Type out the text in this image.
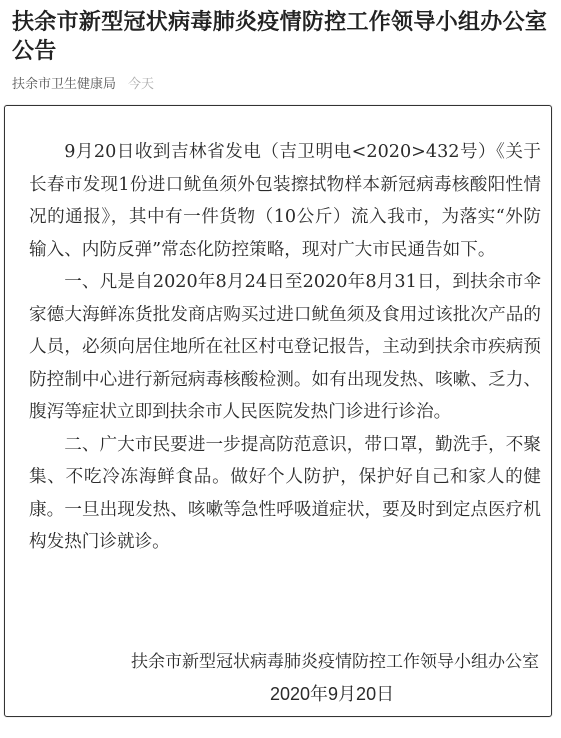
扶余市新型冠状病毒肺炎疫情防控工作领导小组办公室公告
扶余市卫生健康局 今天

9月20日收到吉林省发电（吉卫明电<2020>432号）《关于长春市发现1份进口鱿鱼须外包装擦拭物样本新冠病毒核酸阳性情况的通报》，其中有一件货物（10公斤）流入我市，为落实“外防输入、内防反弹”常态化防控策略，现对广大市民通告如下。

一、凡是自2020年8月24日至2020年8月31日，到扶余市伞家德大海鲜冻货批发商店购买过进口鱿鱼须及食用过该批次产品的人员，必须向居住地所在社区村屯登记报告，主动到扶余市疾病预防控制中心进行新冠病毒核酸检测。如有出现发热、咳嗽、乏力、腹泻等症状立即到扶余市人民医院发热门诊进行诊治。

二、广大市民要进一步提高防范意识，带口罩，勤洗手，不聚集、不吃冷冻海鲜食品。做好个人防护，保护好自己和家人的健康。一旦出现发热、咳嗽等急性呼吸道症状，要及时到定点医疗机构发热门诊就诊。

扶余市新型冠状病毒肺炎疫情防控工作领导小组办公室
2020年9月20日
